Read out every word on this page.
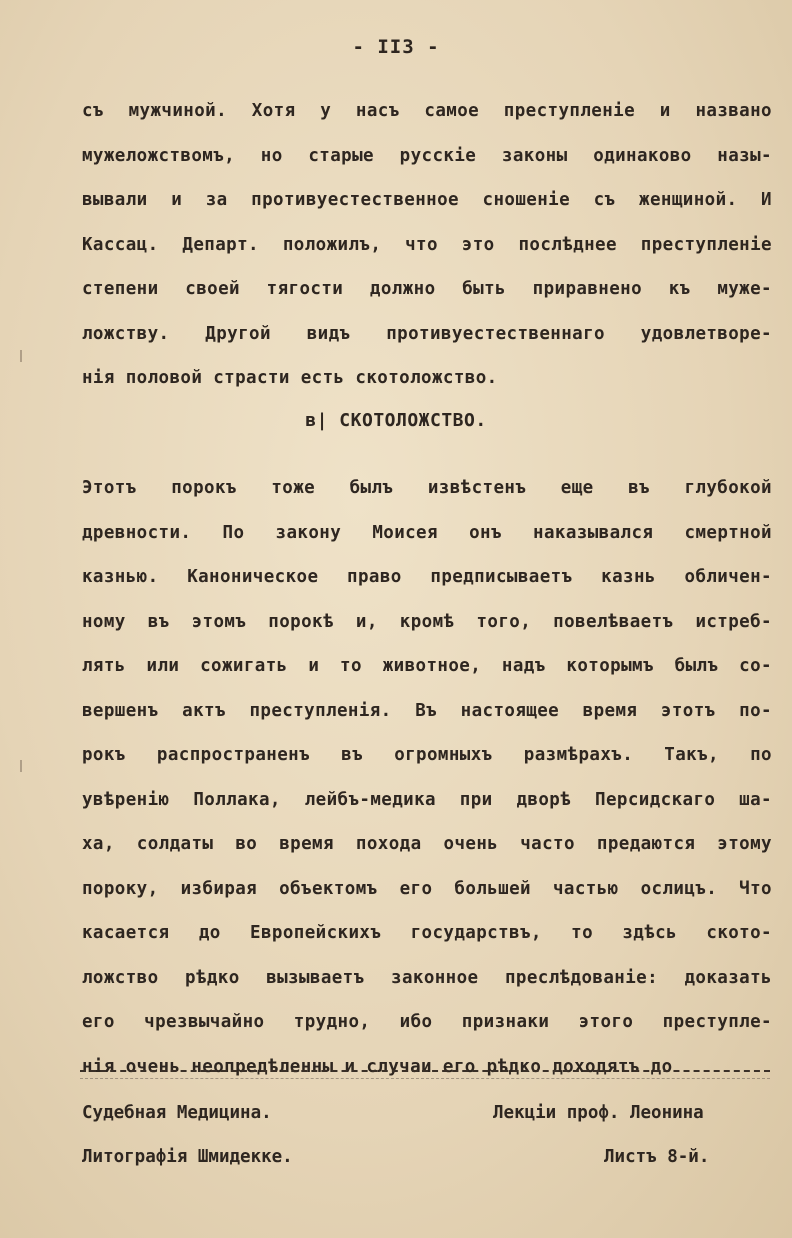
- II3 -
съ мужчиной. Хотя у насъ самое преступленіе и названо
мужеложствомъ, но старые русскіе законы одинаково назы-
вывали и за противуестественное сношеніе съ женщиной. И
Кассац. Департ. положилъ, что это послѣднее преступленіе
степени своей тягости должно быть приравнено къ муже-
ложству. Другой видъ противуестественнаго удовлетворе-
нія половой страсти есть скотоложство.
в| СКОТОЛОЖСТВО.
Этотъ порокъ тоже былъ извѣстенъ еще въ глубокой
древности. По закону Моисея онъ наказывался смертной
казнью. Каноническое право предписываетъ казнь обличен-
ному въ этомъ порокѣ и, кромѣ того, повелѣваетъ истреб-
лять или сожигать и то животное, надъ которымъ былъ со-
вершенъ актъ преступленія. Въ настоящее время этотъ по-
рокъ распространенъ въ огромныхъ размѣрахъ. Такъ, по
увѣренію Поллака, лейбъ-медика при дворѣ Персидскаго ша-
ха, солдаты во время похода очень часто предаются этому
пороку, избирая объектомъ его большей частью ослицъ. Что
касается до Европейскихъ государствъ, то здѣсь ското-
ложство рѣдко вызываетъ законное преслѣдованіе: доказать
его чрезвычайно трудно, ибо признаки этого преступле-
нія очень неопредѣленны и случаи его рѣдко доходятъ до
Судебная Медицина.	Лекціи проф. Леонина
Литографія Шмидекке.	Листъ 8-й.
